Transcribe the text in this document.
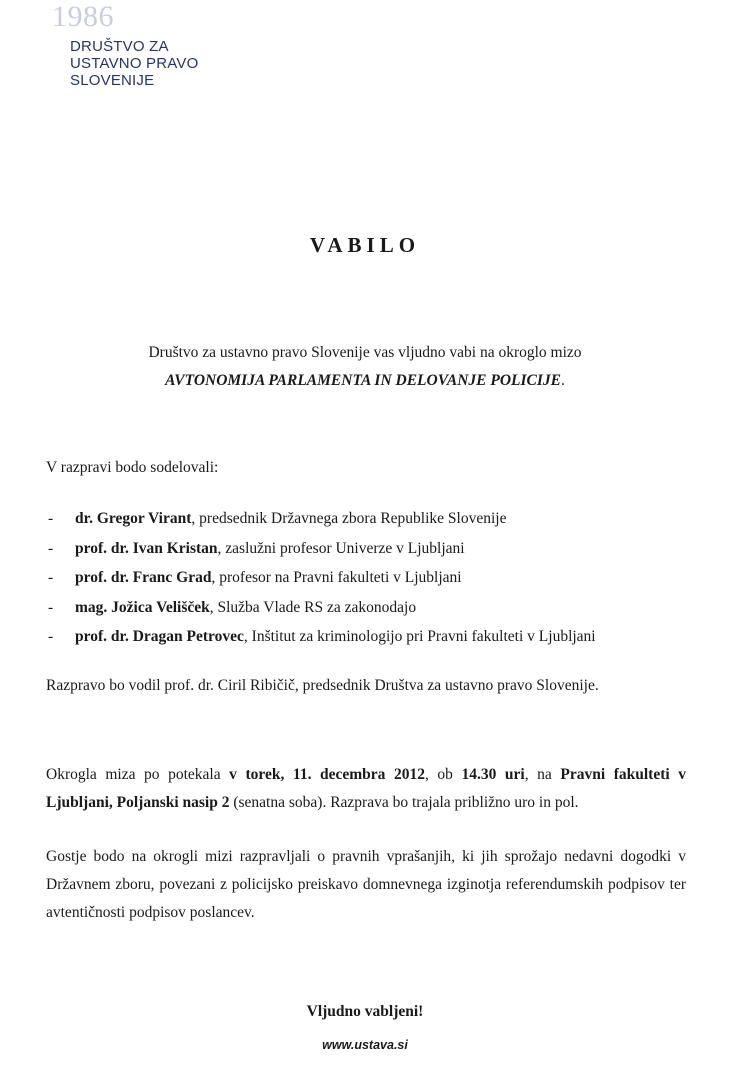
1986
DRUŠTVO ZA
USTAVNO PRAVO
SLOVENIJE
VABILO
Društvo za ustavno pravo Slovenije vas vljudno vabi na okroglo mizo
AVTONOMIJA PARLAMENTA IN DELOVANJE POLICIJE.
V razpravi bodo sodelovali:
- dr. Gregor Virant, predsednik Državnega zbora Republike Slovenije
- prof. dr. Ivan Kristan, zaslužni profesor Univerze v Ljubljani
- prof. dr. Franc Grad, profesor na Pravni fakulteti v Ljubljani
- mag. Jožica Velišček, Služba Vlade RS za zakonodajo
- prof. dr. Dragan Petrovec, Inštitut za kriminologijo pri Pravni fakulteti v Ljubljani
Razpravo bo vodil prof. dr. Ciril Ribičič, predsednik Društva za ustavno pravo Slovenije.
Okrogla miza po potekala v torek, 11. decembra 2012, ob 14.30 uri, na Pravni fakulteti v Ljubljani, Poljanski nasip 2 (senatna soba). Razprava bo trajala približno uro in pol.
Gostje bodo na okrogli mizi razpravljali o pravnih vprašanjih, ki jih sprožajo nedavni dogodki v Državnem zboru, povezani z policijsko preiskavo domnevnega izginotja referendumskih podpisov ter avtentičnosti podpisov poslancev.
Vljudno vabljeni!
www.ustava.si
